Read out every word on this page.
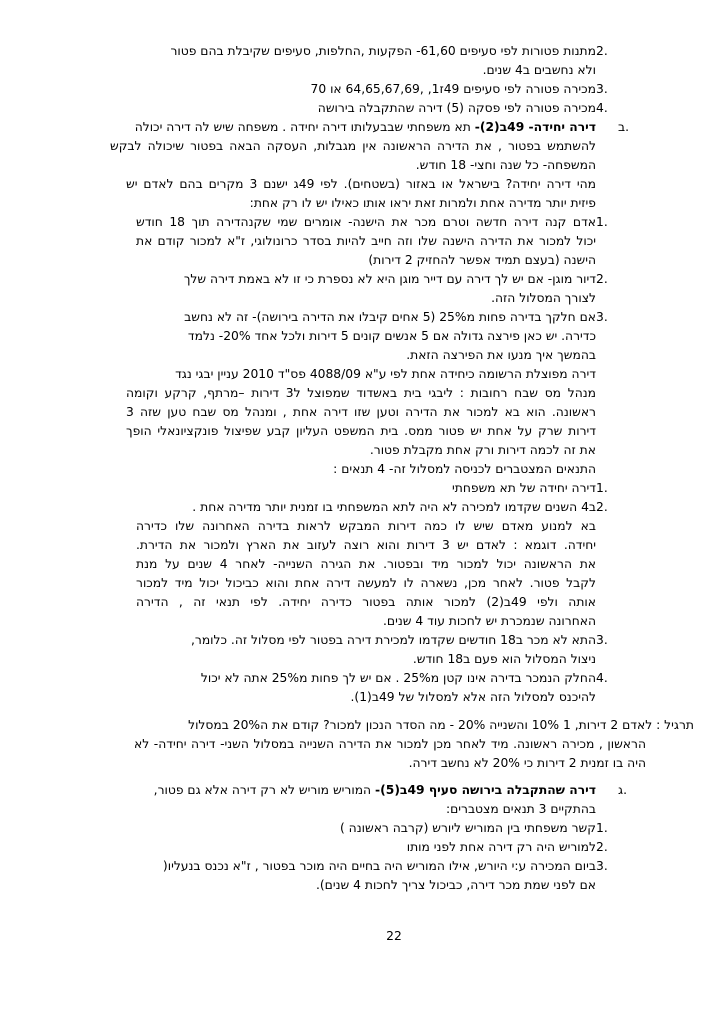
2.
מתנות פטורות לפי סעיפים 61,60- הפקעות ,החלפות, סעיפים שקיבלת בהם פטור
ולא נחשבים ב4 שנים.
3.
מכירה פטורה לפי סעיפים 49ז1, ,64,65,67,69 או 70
4.
מכירה פטורה לפי פסקה (5) דירה שהתקבלה בירושה
ב.
דירה יחידה- 49ב(2)- תא משפחתי שבבעלותו דירה יחידה . משפחה שיש לה דירה יכולה
להשתמש בפטור , את הדירה הראשונה אין מגבלות, העסקה הבאה בפטור שיכולה לבקש
המשפחה- כל שנה וחצי- 18 חודש.
מהי דירה יחידה? בישראל או באזור (בשטחים). לפי 49ג ישנם 3 מקרים בהם לאדם יש
פיזית יותר מדירה אחת ולמרות זאת יראו אותו כאילו יש לו רק אחת:
1.
אדם קנה דירה חדשה וטרם מכר את הישנה- אומרים שמי שקנהדירה תוך 18 חודש
יכול למכור את הדירה הישנה שלו וזה חייב להיות בסדר כרונולוגי, ז"א למכור קודם את
הישנה (בעצם תמיד אפשר להחזיק 2 דירות)
2.
דיור מוגן- אם יש לך דירה עם דייר מוגן היא לא נספרת כי זו לא באמת דירה שלך
לצורך המסלול הזה.
3.
אם חלקך בדירה פחות מ25% (5 אחים קיבלו את הדירה בירושה)- זה לא נחשב
כדירה. יש כאן פירצה גדולה אם 5 אנשים קונים 5 דירות ולכל אחד 20%- נלמד
בהמשך איך מנעו את הפירצה הזאת.
דירה מפוצלת הרשומה כיחידה אחת לפי ע"א 4088/09 פס"ד 2010 עניין יבגי נגד
מנהל מס שבח רחובות : ליבגי בית באשדוד שמפוצל ל3 דירות –מרתף, קרקע וקומה
ראשונה. הוא בא למכור את הדירה וטען שזו דירה אחת , ומנהל מס שבח טען שזה 3
דירות שרק על אחת יש פטור ממס. בית המשפט העליון קבע שפיצול פונקציונאלי הופך
את זה לכמה דירות ורק אחת מקבלת פטור.
התנאים המצטברים לכניסה למסלול זה- 4 תנאים :
1.
דירה יחידה של תא משפחתי
2.
ב4 השנים שקדמו למכירה לא היה לתא המשפחתי בו זמנית יותר מדירה אחת .
בא למנוע מאדם שיש לו כמה דירות המבקש לראות בדירה האחרונה שלו כדירה
יחידה. דוגמא : לאדם יש 3 דירות והוא רוצה לעזוב את הארץ ולמכור את הדירת.
את הראשונה יכול למכור מיד ובפטור. את הגירה השנייה- לאחר 4 שנים על מנת
לקבל פטור. לאחר מכן, נשארה לו למעשה דירה אחת והוא כביכול יכול מיד למכור
אותה ולפי 49ב(2) למכור אותה בפטור כדירה יחידה. לפי תנאי זה , הדירה
האחרונה שנמכרת יש לחכות עוד 4 שנים.
3.
התא לא מכר ב18 חודשים שקדמו למכירת דירה בפטור לפי מסלול זה. כלומר,
ניצול המסלול הוא פעם ב18 חודש.
4.
החלק הנמכר בדירה אינו קטן מ25% . אם יש לך פחות מ25% אתה לא יכול
להיכנס למסלול הזה אלא למסלול של 49ב(1).
תרגיל : לאדם 2 דירות, 1 10% והשנייה 20% - מה הסדר הנכון למכור? קודם את ה20% במסלול
הראשון , מכירה ראשונה. מיד לאחר מכן למכור את הדירה השנייה במסלול השני- דירה יחידה- לא
היה בו זמנית 2 דירות כי 20% לא נחשב דירה.
ג.
דירה שהתקבלה בירושה סעיף 49ב(5)- המוריש מוריש לא רק דירה אלא גם פטור,
בהתקיים 3 תנאים מצטברים:
1.
קשר משפחתי בין המוריש ליורש (קרבה ראשונה )
2.
למוריש היה רק דירה אחת לפני מותו
3.
ביום המכירה ע:י היורש, אילו המוריש היה בחיים היה מוכר בפטור , ז"א נכנס בנעליו(
אם לפני שמת מכר דירה, כביכול צריך לחכות 4 שנים).
22
